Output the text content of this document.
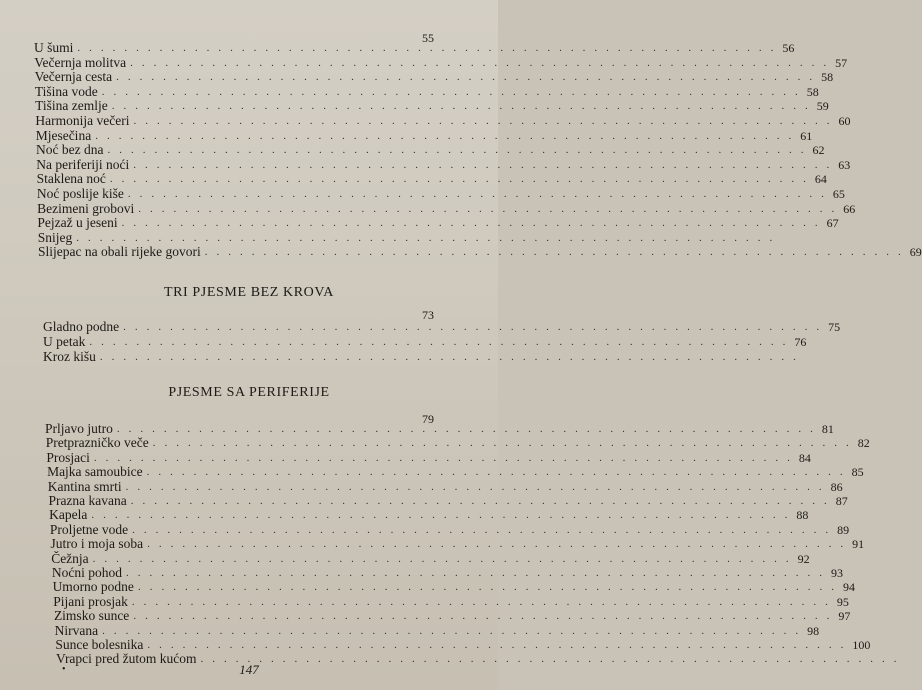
55
U šumi ............................................................ 56
Večernja molitva ............................................................ 57
Večernja cesta ............................................................ 58
Tišina vode ............................................................ 58
Tišina zemlje ............................................................ 59
Harmonija večeri ............................................................ 60
Mjesečina ............................................................ 61
Noć bez dna ............................................................ 62
Na periferiji noći ............................................................ 63
Staklena noć ............................................................ 64
Noć poslije kiše ............................................................ 65
Bezimeni grobovi ............................................................ 66
Pejzaž u jeseni ............................................................ 67
Snijeg ............................................................
Slijepac na obali rijeke govori ............................................................ 69
TRI PJESME BEZ KROVA
73
Gladno podne ............................................................ 75
U petak ............................................................ 76
Kroz kišu ............................................................
PJESME SA PERIFERIJE
79
Prljavo jutro ............................................................ 81
Pretprazničko veče ............................................................ 82
Prosjaci ............................................................ 84
Majka samoubice ............................................................ 85
Kantina smrti ............................................................ 86
Prazna kavana ............................................................ 87
Kapela ............................................................ 88
Proljetne vode ............................................................ 89
Jutro i moja soba ............................................................ 91
Čežnja ............................................................ 92
Noćni pohod ............................................................ 93
Umorno podne ............................................................ 94
Pijani prosjak ............................................................ 95
Zimsko sunce ............................................................ 97
Nirvana ............................................................ 98
Sunce bolesnika ............................................................ 100
Vrapci pred žutom kućom ............................................................
•	147
